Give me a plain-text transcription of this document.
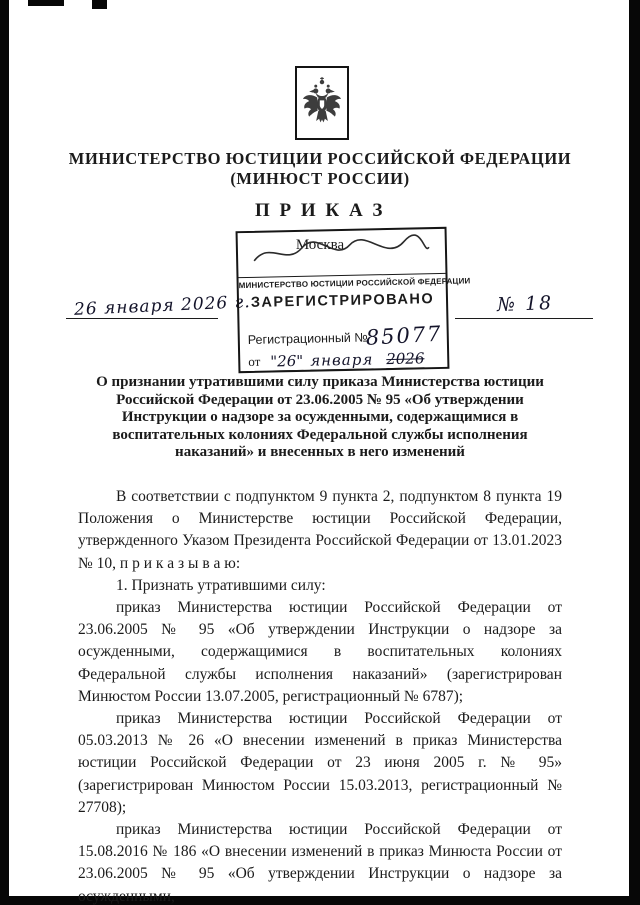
МИНИСТЕРСТВО ЮСТИЦИИ РОССИЙСКОЙ ФЕДЕРАЦИИ
(МИНЮСТ РОССИИ)
П Р И К А З
Москва
26 января 2026 г.	№ 18
МИНИСТЕРСТВО ЮСТИЦИИ РОССИЙСКОЙ ФЕДЕРАЦИИ
ЗАРЕГИСТРИРОВАНО
Регистрационный №
85077
от "26" января 2026
О признании утратившими силу приказа Министерства юстиции Российской Федерации от 23.06.2005 № 95 «Об утверждении Инструкции о надзоре за осужденными, содержащимися в воспитательных колониях Федеральной службы исполнения наказаний» и внесенных в него изменений

В соответствии с подпунктом 9 пункта 2, подпунктом 8 пункта 19 Положения о Министерстве юстиции Российской Федерации, утвержденного Указом Президента Российской Федерации от 13.01.2023 № 10, п р и к а з ы в а ю:

1. Признать утратившими силу:

приказ Министерства юстиции Российской Федерации от 23.06.2005 № 95 «Об утверждении Инструкции о надзоре за осужденными, содержащимися в воспитательных колониях Федеральной службы исполнения наказаний» (зарегистрирован Минюстом России 13.07.2005, регистрационный № 6787);

приказ Министерства юстиции Российской Федерации от 05.03.2013 № 26 «О внесении изменений в приказ Министерства юстиции Российской Федерации от 23 июня 2005 г. № 95» (зарегистрирован Минюстом России 15.03.2013, регистрационный № 27708);

приказ Министерства юстиции Российской Федерации от 15.08.2016 № 186 «О внесении изменений в приказ Минюста России от 23.06.2005 № 95 «Об утверждении Инструкции о надзоре за осужденными,
